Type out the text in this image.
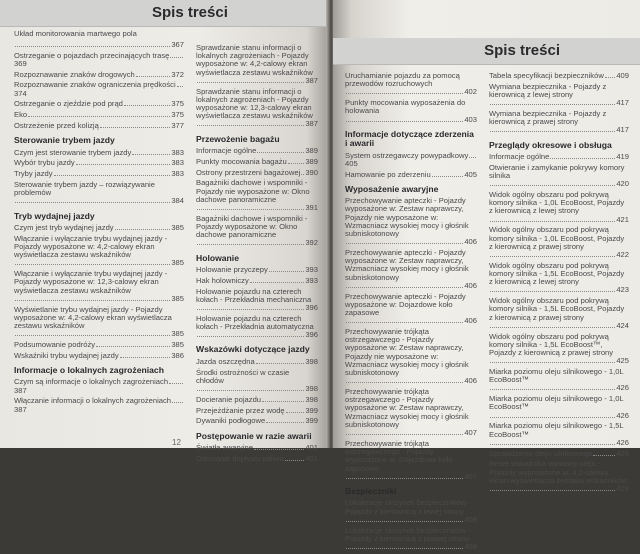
Spis treści
Układ monitorowania martwego pola
367
Ostrzeganie o pojazdach przecinających trasę
369
Rozpoznawanie znaków drogowych	372
Rozpoznawanie znaków ograniczenia prędkości
374
Ostrzeganie o zjeździe pod prąd	375
Eko	375
Ostrzeżenie przed kolizją	377
Sterowanie trybem jazdy
Czym jest sterowanie trybem jazdy	383
Wybór trybu jazdy	383
Tryby jazdy	383
Sterowanie trybem jazdy – rozwiązywanie problemów
384
Tryb wydajnej jazdy
Czym jest tryb wydajnej jazdy	385
Włączanie i wyłączanie trybu wydajnej jazdy - Pojazdy wyposażone w: 4,2-calowy ekran wyświetlacza zestawu wskaźników
385
Włączanie i wyłączanie trybu wydajnej jazdy - Pojazdy wyposażone w: 12,3-calowy ekran wyświetlacza zestawu wskaźników
385
Wyświetlanie trybu wydajnej jazdy - Pojazdy wyposażone w: 4,2-calowy ekran wyświetlacza zestawu wskaźników
385
Podsumowanie podróży	385
Wskaźniki trybu wydajnej jazdy	386
Informacje o lokalnych zagrożeniach
Czym są informacje o lokalnych zagrożeniach
387
Włączanie informacji o lokalnych zagrożeniach
387
Sprawdzanie stanu informacji o lokalnych zagrożeniach - Pojazdy wyposażone w: 4,2-calowy ekran wyświetlacza zestawu wskaźników
387
Sprawdzanie stanu informacji o lokalnych zagrożeniach - Pojazdy wyposażone w: 12,3-calowy ekran wyświetlacza zestawu wskaźników
387
Przewożenie bagażu
Informacje ogólne	389
Punkty mocowania bagażu 389
Ostrony przestrzeni bagażowej 390
Bagażniki dachowe i wspomniki - Pojazdy nie wyposażone w: Okno dachowe panoramiczne
391
Bagażniki dachowe i wspomniki - Pojazdy wyposażone w: Okno dachowe panoramiczne
392
Holowanie
Holowanie przyczepy	393
Hak holowniczy	393
Holowanie pojazdu na czterech kołach - Przekładnia mechaniczna
396
Holowanie pojazdu na czterech kołach - Przekładnia automatyczna
396
Wskazówki dotyczące jazdy
Jazda oszczędna	398
Środki ostrożności w czasie chłodów
398
Docieranie pojazdu	398
Przejeżdżanie przez wodę	399
Dywaniki podłogowe	399
Postępowanie w razie awarii
Światła awaryjne	401
Odcinanie dopływu paliwa	401
12
Spis treści
Uruchamianie pojazdu za pomocą przewodów rozruchowych
402
Punkty mocowania wyposażenia do holowania
403
Informacje dotyczące zderzenia i awarii
System ostrzegawczy powypadkowy
405
Hamowanie po zderzeniu	405
Wyposażenie awaryjne
Przechowywanie apteczki - Pojazdy wyposażone w: Zestaw naprawczy, Pojazdy nie wyposażone w: Wzmacniacz wysokiej mocy i głośnik subniskotonowy
406
Przechowywanie apteczki - Pojazdy wyposażone w: Zestaw naprawczy, Wzmacniacz wysokiej mocy i głośnik subniskotonowy
406
Przechowywanie apteczki - Pojazdy wyposażone w: Dojazdowe koło zapasowe
406
Przechowywanie trójkąta ostrzegawczego - Pojazdy wyposażone w: Zestaw naprawczy, Pojazdy nie wyposażone w: Wzmacniacz wysokiej mocy i głośnik subniskotonowy
406
Przechowywanie trójkąta ostrzegawczego - Pojazdy wyposażone w: Zestaw naprawczy, Wzmacniacz wysokiej mocy i głośnik subniskotonowy
407
Przechowywanie trójkąta ostrzegawczego - Pojazdy wyposażone w: Dojazdowe koło zapasowe
407
Bezpieczniki
Lokalizacje skrzynek bezpieczników - Pojazdy z kierownicą z lewej strony
408
Lokalizacje skrzynek bezpieczników - Pojazdy z kierownicą z prawej strony
408
Tabela specyfikacji bezpieczników 409
Wymiana bezpiecznika - Pojazdy z kierownicą z lewej strony
417
Wymiana bezpiecznika - Pojazdy z kierownicą z prawej strony
417
Przeglądy okresowe i obsługa
Informacje ogólne	419
Otwieranie i zamykanie pokrywy komory silnika
420
Widok ogólny obszaru pod pokrywą komory silnika - 1,0L EcoBoost, Pojazdy z kierownicą z lewej strony
421
Widok ogólny obszaru pod pokrywą komory silnika - 1,0L EcoBoost, Pojazdy z kierownicą z prawej strony
422
Widok ogólny obszaru pod pokrywą komory silnika - 1,5L EcoBoost, Pojazdy z kierownicą z lewej strony
423
Widok ogólny obszaru pod pokrywą komory silnika - 1,5L EcoBoost, Pojazdy z kierownicą z prawej strony
424
Widok ogólny obszaru pod pokrywą komory silnika - 1,5L EcoBoost™, Pojazdy z kierownicą z prawej strony
425
Miarka poziomu oleju silnikowego - 1,0L EcoBoost™
426
Miarka poziomu oleju silnikowego - 1,0L EcoBoost™
426
Miarka poziomu oleju silnikowego - 1,5L EcoBoost™
426
Sprawdzenie oleju silnikowego	426
Reset wskaźnika wymiany oleju - Pojazdy wyposażone w: 4,2-calowy ekran wyświetlacza zestawu wskaźników
428
